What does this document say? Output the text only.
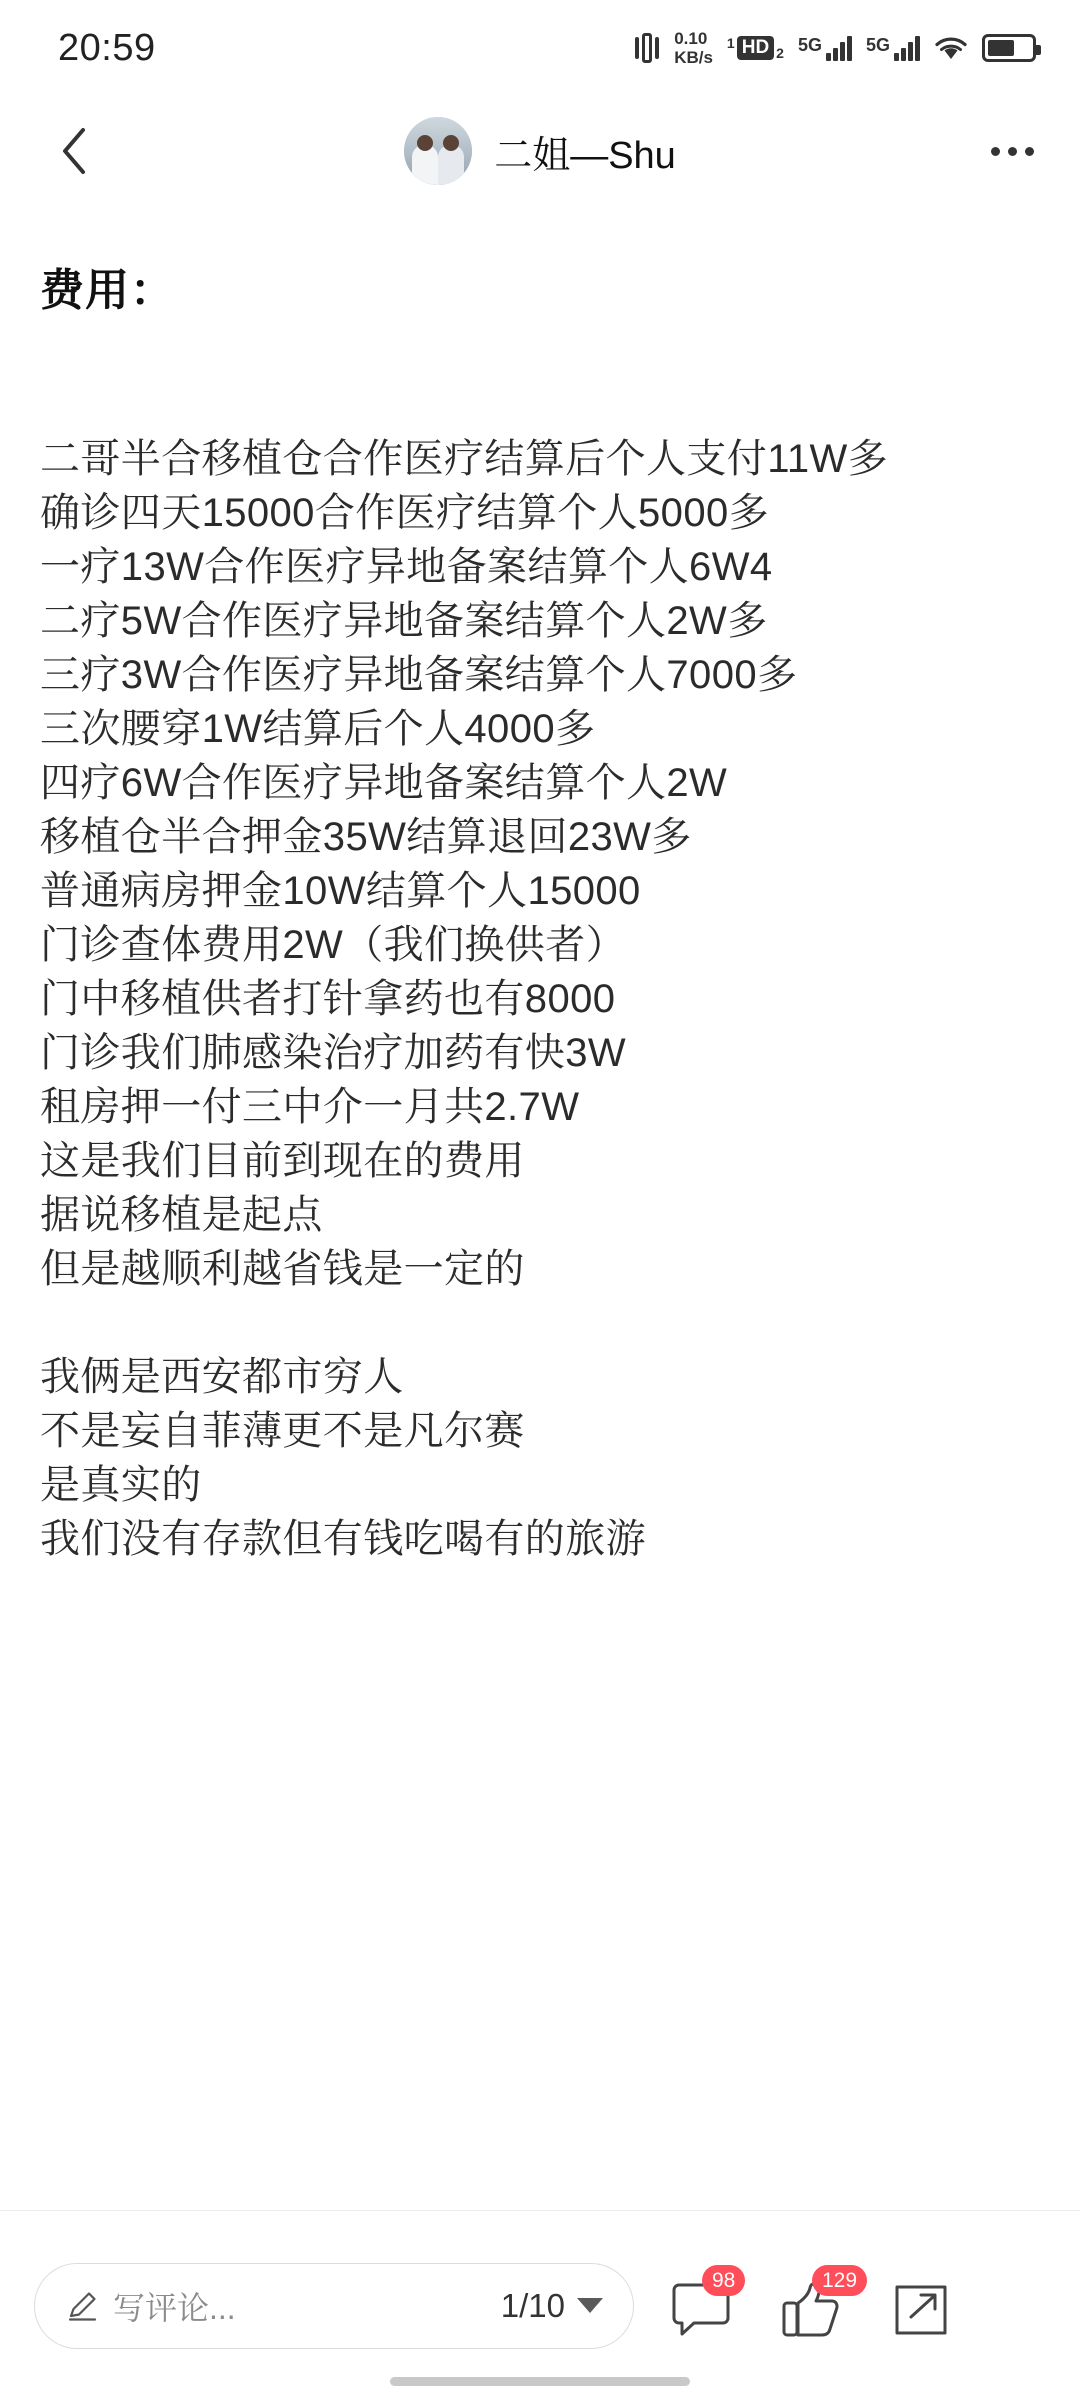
20:59	0.10
KB/s
1 HD 2 5G 5G
二姐—Shu
费用：
二哥半合移植仓合作医疗结算后个人支付11W多
确诊四天15000合作医疗结算个人5000多
一疗13W合作医疗异地备案结算个人6W4
二疗5W合作医疗异地备案结算个人2W多
三疗3W合作医疗异地备案结算个人7000多
三次腰穿1W结算后个人4000多
四疗6W合作医疗异地备案结算个人2W
移植仓半合押金35W结算退回23W多
普通病房押金10W结算个人15000
门诊查体费用2W（我们换供者）
门中移植供者打针拿药也有8000
门诊我们肺感染治疗加药有快3W
租房押一付三中介一月共2.7W
这是我们目前到现在的费用
据说移植是起点
但是越顺利越省钱是一定的
我俩是西安都市穷人
不是妄自菲薄更不是凡尔赛
是真实的
我们没有存款但有钱吃喝有的旅游
写评论...	1/10
98	129
